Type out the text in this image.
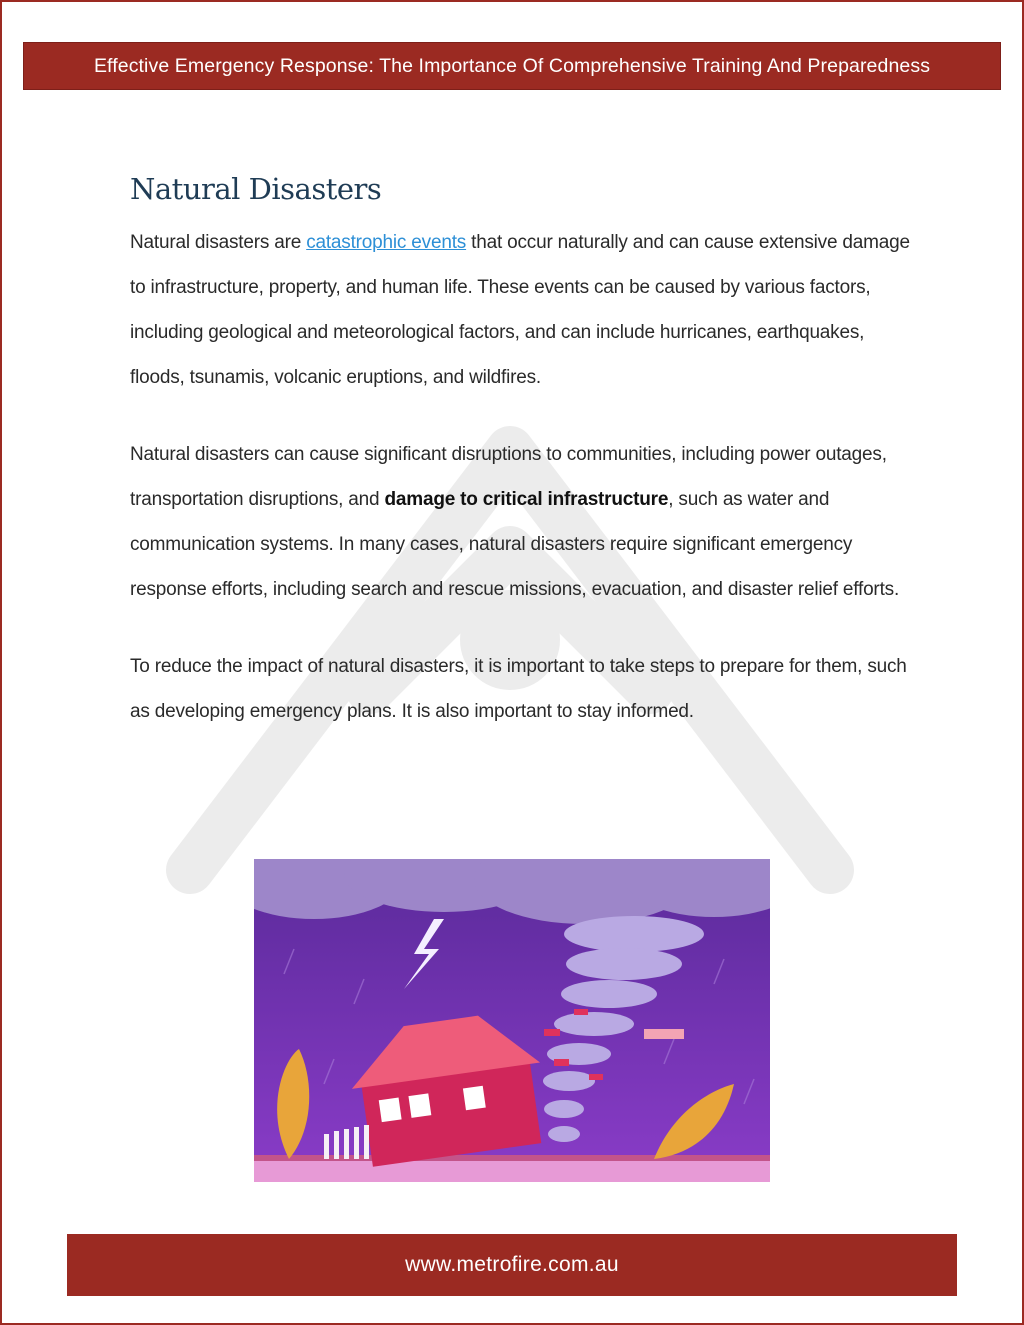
Effective Emergency Response: The Importance Of Comprehensive Training And Preparedness
Natural Disasters

Natural disasters are catastrophic events that occur naturally and can cause extensive damage to infrastructure, property, and human life. These events can be caused by various factors, including geological and meteorological factors, and can include hurricanes, earthquakes, floods, tsunamis, volcanic eruptions, and wildfires.

Natural disasters can cause significant disruptions to communities, including power outages, transportation disruptions, and damage to critical infrastructure, such as water and communication systems. In many cases, natural disasters require significant emergency response efforts, including search and rescue missions, evacuation, and disaster relief efforts.

To reduce the impact of natural disasters, it is important to take steps to prepare for them, such as developing emergency plans. It is also important to stay informed.

www.metrofire.com.au
